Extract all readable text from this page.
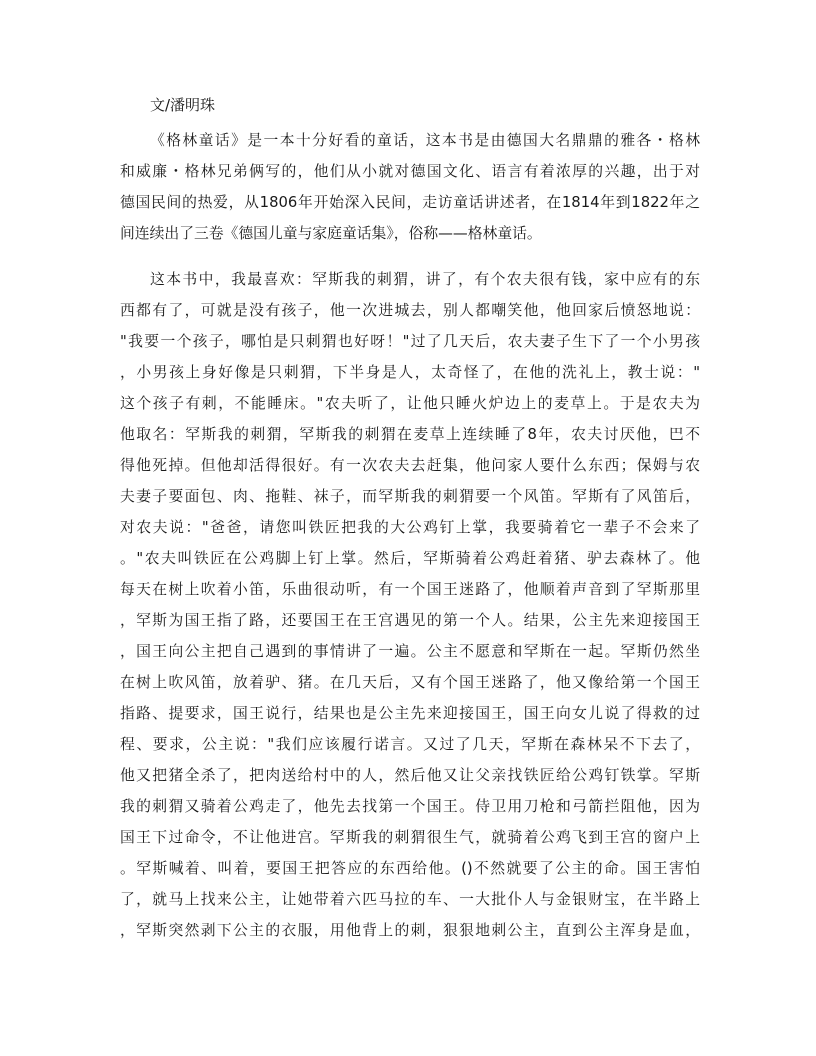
文/潘明珠
《格林童话》是一本十分好看的童话，这本书是由德国大名鼎鼎的雅各・格林
和威廉・格林兄弟俩写的，他们从小就对德国文化、语言有着浓厚的兴趣，出于对
德国民间的热爱，从1806年开始深入民间，走访童话讲述者，在1814年到1822年之
间连续出了三卷《德国儿童与家庭童话集》，俗称——格林童话。
这本书中，我最喜欢：罕斯我的刺猬，讲了，有个农夫很有钱，家中应有的东
西都有了，可就是没有孩子，他一次进城去，别人都嘲笑他，他回家后愤怒地说：
"我要一个孩子，哪怕是只刺猬也好呀！"过了几天后，农夫妻子生下了一个小男孩
，小男孩上身好像是只刺猬，下半身是人，太奇怪了，在他的洗礼上，教士说："
这个孩子有刺，不能睡床。"农夫听了，让他只睡火炉边上的麦草上。于是农夫为
他取名：罕斯我的刺猬，罕斯我的刺猬在麦草上连续睡了8年，农夫讨厌他，巴不
得他死掉。但他却活得很好。有一次农夫去赶集，他问家人要什么东西；保姆与农
夫妻子要面包、肉、拖鞋、袜子，而罕斯我的刺猬要一个风笛。罕斯有了风笛后，
对农夫说："爸爸，请您叫铁匠把我的大公鸡钉上掌，我要骑着它一辈子不会来了
。"农夫叫铁匠在公鸡脚上钉上掌。然后，罕斯骑着公鸡赶着猪、驴去森林了。他
每天在树上吹着小笛，乐曲很动听，有一个国王迷路了，他顺着声音到了罕斯那里
，罕斯为国王指了路，还要国王在王宫遇见的第一个人。结果，公主先来迎接国王
，国王向公主把自己遇到的事情讲了一遍。公主不愿意和罕斯在一起。罕斯仍然坐
在树上吹风笛，放着驴、猪。在几天后，又有个国王迷路了，他又像给第一个国王
指路、提要求，国王说行，结果也是公主先来迎接国王，国王向女儿说了得救的过
程、要求，公主说："我们应该履行诺言。又过了几天，罕斯在森林呆不下去了，
他又把猪全杀了，把肉送给村中的人，然后他又让父亲找铁匠给公鸡钉铁掌。罕斯
我的刺猬又骑着公鸡走了，他先去找第一个国王。侍卫用刀枪和弓箭拦阻他，因为
国王下过命令，不让他进宫。罕斯我的刺猬很生气，就骑着公鸡飞到王宫的窗户上
。罕斯喊着、叫着，要国王把答应的东西给他。()不然就要了公主的命。国王害怕
了，就马上找来公主，让她带着六匹马拉的车、一大批仆人与金银财宝，在半路上
，罕斯突然剥下公主的衣服，用他背上的刺，狠狠地刺公主，直到公主浑身是血，
